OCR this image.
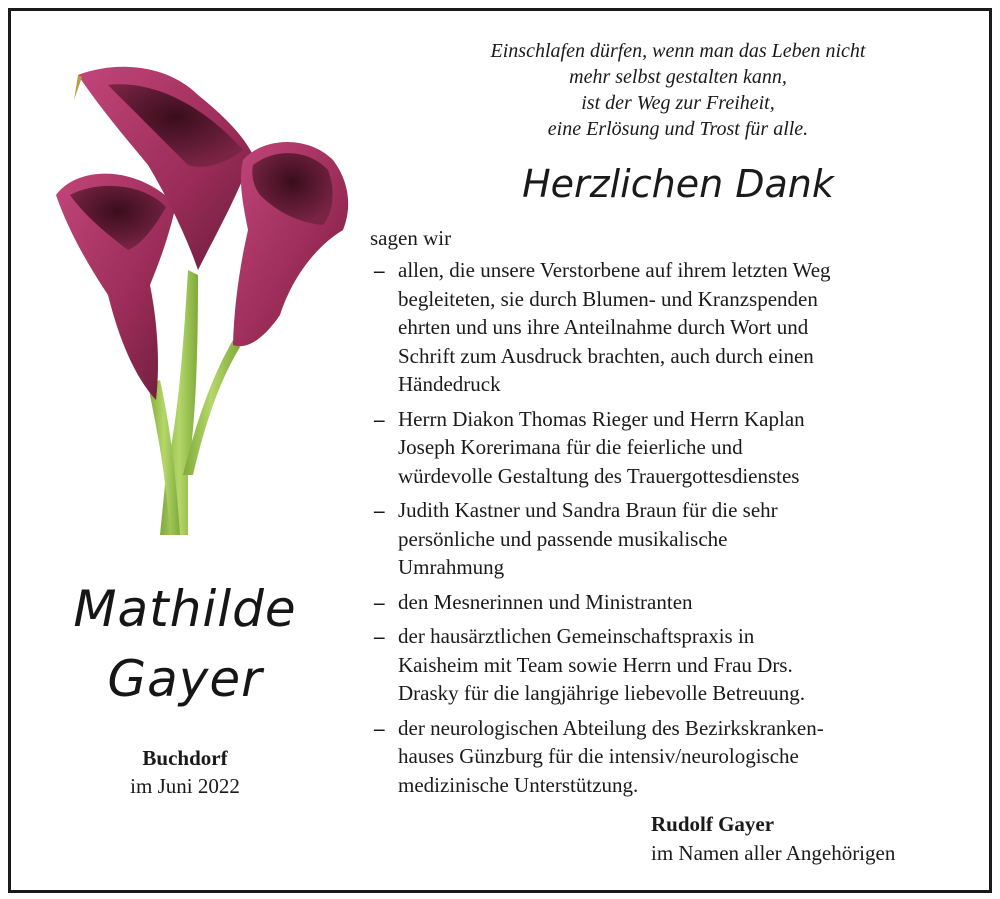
Mathilde
Gayer
Buchdorf
im Juni 2022
Einschlafen dürfen, wenn man das Leben nicht
mehr selbst gestalten kann,
ist der Weg zur Freiheit,
eine Erlösung und Trost für alle.
Herzlichen Dank
sagen wir
– allen, die unsere Verstorbene auf ihrem letzten Weg
begleiteten, sie durch Blumen- und Kranzspenden
ehrten und uns ihre Anteilnahme durch Wort und
Schrift zum Ausdruck brachten, auch durch einen
Händedruck
– Herrn Diakon Thomas Rieger und Herrn Kaplan
Joseph Korerimana für die feierliche und
würdevolle Gestaltung des Trauergottesdienstes
– Judith Kastner und Sandra Braun für die sehr
persönliche und passende musikalische
Umrahmung
– den Mesnerinnen und Ministranten
– der hausärztlichen Gemeinschaftspraxis in
Kaisheim mit Team sowie Herrn und Frau Drs.
Drasky für die langjährige liebevolle Betreuung.
– der neurologischen Abteilung des Bezirkskranken-
hauses Günzburg für die intensiv/neurologische
medizinische Unterstützung.
Rudolf Gayer
im Namen aller Angehörigen
